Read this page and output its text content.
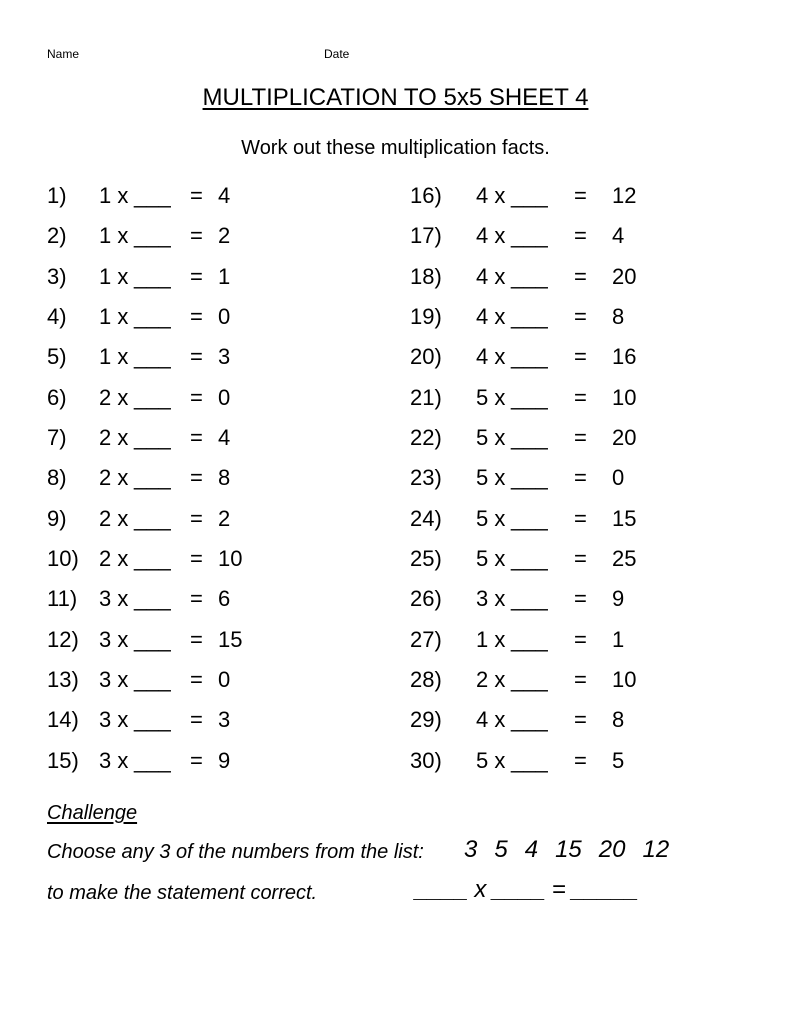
Name	Date
MULTIPLICATION TO 5x5 SHEET 4
Work out these multiplication facts.
1) 1 x ___ = 4
2) 1 x ___ = 2
3) 1 x ___ = 1
4) 1 x ___ = 0
5) 1 x ___ = 3
6) 2 x ___ = 0
7) 2 x ___ = 4
8) 2 x ___ = 8
9) 2 x ___ = 2
10) 2 x ___ = 10
11) 3 x ___ = 6
12) 3 x ___ = 15
13) 3 x ___ = 0
14) 3 x ___ = 3
15) 3 x ___ = 9
16) 4 x ___ = 12
17) 4 x ___ = 4
18) 4 x ___ = 20
19) 4 x ___ = 8
20) 4 x ___ = 16
21) 5 x ___ = 10
22) 5 x ___ = 20
23) 5 x ___ = 0
24) 5 x ___ = 15
25) 5 x ___ = 25
26) 3 x ___ = 9
27) 1 x ___ = 1
28) 2 x ___ = 10
29) 4 x ___ = 8
30) 5 x ___ = 5
Challenge
Choose any 3 of the numbers from the list: 3 5 4 15 20 12
to make the statement correct.	____ x ____ = _____
